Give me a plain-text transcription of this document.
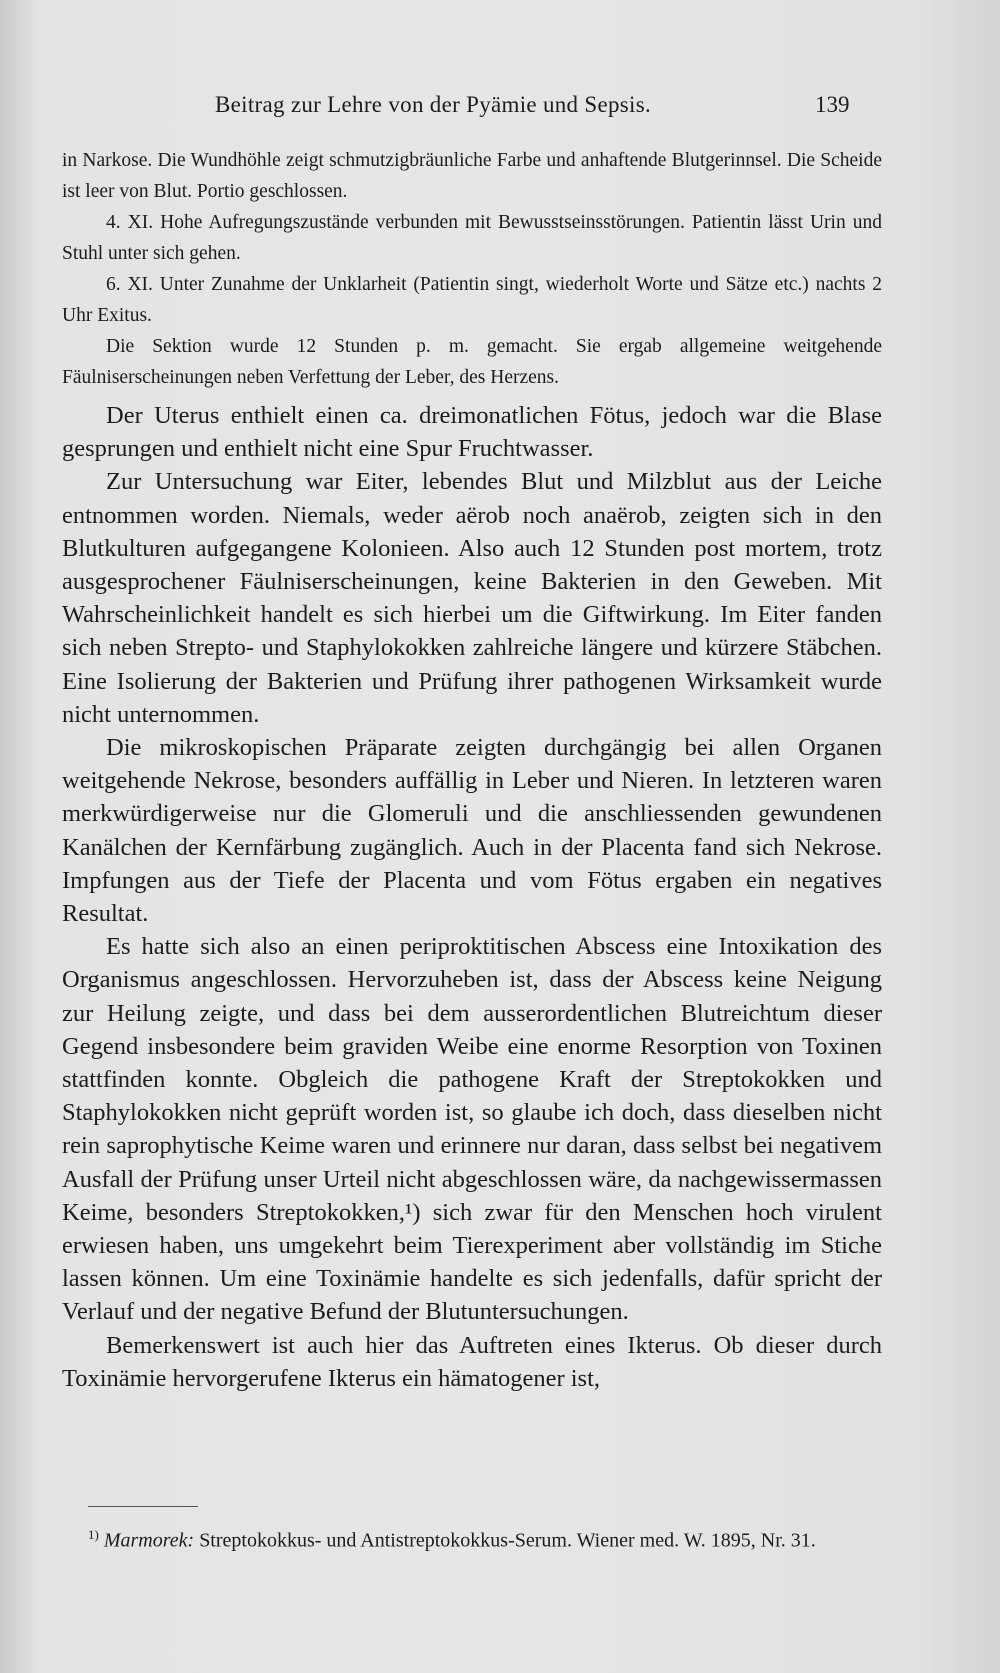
Beitrag zur Lehre von der Pyämie und Sepsis.	139

in Narkose. Die Wundhöhle zeigt schmutzigbräunliche Farbe und anhaftende Blutgerinnsel. Die Scheide ist leer von Blut. Portio geschlossen.

4. XI. Hohe Aufregungszustände verbunden mit Bewusstseinsstörungen. Patientin lässt Urin und Stuhl unter sich gehen.

6. XI. Unter Zunahme der Unklarheit (Patientin singt, wiederholt Worte und Sätze etc.) nachts 2 Uhr Exitus.

Die Sektion wurde 12 Stunden p. m. gemacht. Sie ergab allgemeine weitgehende Fäulniserscheinungen neben Verfettung der Leber, des Herzens.

Der Uterus enthielt einen ca. dreimonatlichen Fötus, jedoch war die Blase gesprungen und enthielt nicht eine Spur Fruchtwasser.

Zur Untersuchung war Eiter, lebendes Blut und Milzblut aus der Leiche entnommen worden. Niemals, weder aërob noch anaërob, zeigten sich in den Blutkulturen aufgegangene Kolonieen. Also auch 12 Stunden post mortem, trotz ausgesprochener Fäulniserscheinungen, keine Bakterien in den Geweben. Mit Wahrscheinlichkeit handelt es sich hierbei um die Giftwirkung. Im Eiter fanden sich neben Strepto- und Staphylokokken zahlreiche längere und kürzere Stäbchen. Eine Isolierung der Bakterien und Prüfung ihrer pathogenen Wirksamkeit wurde nicht unternommen.

Die mikroskopischen Präparate zeigten durchgängig bei allen Organen weitgehende Nekrose, besonders auffällig in Leber und Nieren. In letzteren waren merkwürdigerweise nur die Glomeruli und die anschliessenden gewundenen Kanälchen der Kernfärbung zugänglich. Auch in der Placenta fand sich Nekrose. Impfungen aus der Tiefe der Placenta und vom Fötus ergaben ein negatives Resultat.

Es hatte sich also an einen periproktitischen Abscess eine Intoxikation des Organismus angeschlossen. Hervorzuheben ist, dass der Abscess keine Neigung zur Heilung zeigte, und dass bei dem ausserordentlichen Blutreichtum dieser Gegend insbesondere beim graviden Weibe eine enorme Resorption von Toxinen stattfinden konnte. Obgleich die pathogene Kraft der Streptokokken und Staphylokokken nicht geprüft worden ist, so glaube ich doch, dass dieselben nicht rein saprophytische Keime waren und erinnere nur daran, dass selbst bei negativem Ausfall der Prüfung unser Urteil nicht abgeschlossen wäre, da nachgewissermassen Keime, besonders Streptokokken,¹) sich zwar für den Menschen hoch virulent erwiesen haben, uns umgekehrt beim Tierexperiment aber vollständig im Stiche lassen können. Um eine Toxinämie handelte es sich jedenfalls, dafür spricht der Verlauf und der negative Befund der Blutuntersuchungen.

Bemerkenswert ist auch hier das Auftreten eines Ikterus. Ob dieser durch Toxinämie hervorgerufene Ikterus ein hämatogener ist,

$^{1)}$ Marmorek: Streptokokkus- und Antistreptokokkus-Serum. Wiener med. W. 1895, Nr. 31.
